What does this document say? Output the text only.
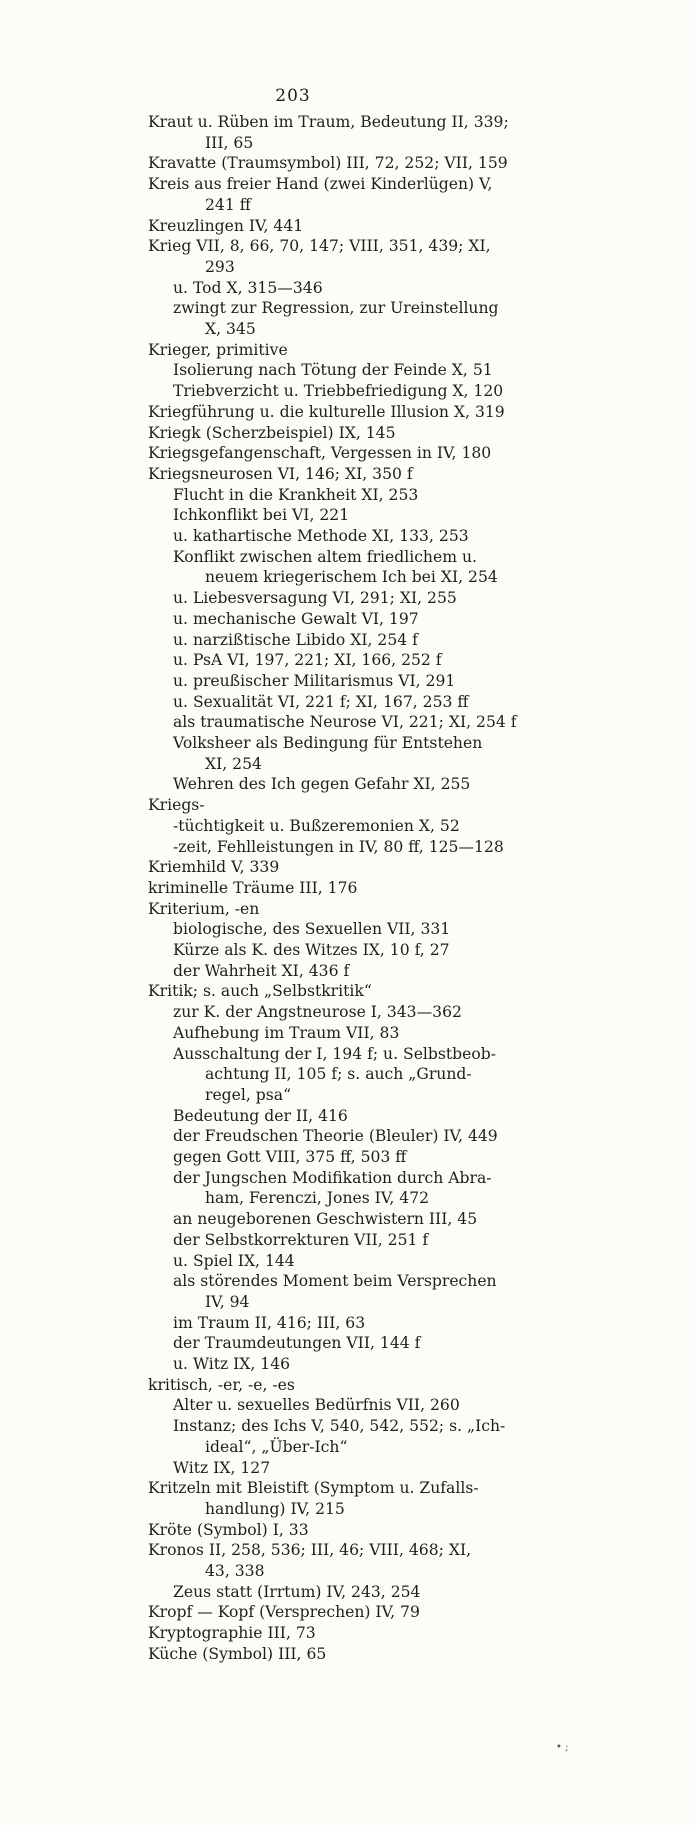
203
Kraut u. Rüben im Traum, Bedeutung II, 339;
III, 65
Kravatte (Traumsymbol) III, 72, 252; VII, 159
Kreis aus freier Hand (zwei Kinderlügen) V,
241 ff
Kreuzlingen IV, 441
Krieg VII, 8, 66, 70, 147; VIII, 351, 439; XI,
293
u. Tod X, 315—346
zwingt zur Regression, zur Ureinstellung
X, 345
Krieger, primitive
Isolierung nach Tötung der Feinde X, 51
Triebverzicht u. Triebbefriedigung X, 120
Kriegführung u. die kulturelle Illusion X, 319
Kriegk (Scherzbeispiel) IX, 145
Kriegsgefangenschaft, Vergessen in IV, 180
Kriegsneurosen VI, 146; XI, 350 f
Flucht in die Krankheit XI, 253
Ichkonflikt bei VI, 221
u. kathartische Methode XI, 133, 253
Konflikt zwischen altem friedlichem u.
neuem kriegerischem Ich bei XI, 254
u. Liebesversagung VI, 291; XI, 255
u. mechanische Gewalt VI, 197
u. narzißtische Libido XI, 254 f
u. PsA VI, 197, 221; XI, 166, 252 f
u. preußischer Militarismus VI, 291
u. Sexualität VI, 221 f; XI, 167, 253 ff
als traumatische Neurose VI, 221; XI, 254 f
Volksheer als Bedingung für Entstehen
XI, 254
Wehren des Ich gegen Gefahr XI, 255
Kriegs-
-tüchtigkeit u. Bußzeremonien X, 52
-zeit, Fehlleistungen in IV, 80 ff, 125—128
Kriemhild V, 339
kriminelle Träume III, 176
Kriterium, -en
biologische, des Sexuellen VII, 331
Kürze als K. des Witzes IX, 10 f, 27
der Wahrheit XI, 436 f
Kritik; s. auch „Selbstkritik“
zur K. der Angstneurose I, 343—362
Aufhebung im Traum VII, 83
Ausschaltung der I, 194 f; u. Selbstbeob-
achtung II, 105 f; s. auch „Grund-
regel, psa“
Bedeutung der II, 416
der Freudschen Theorie (Bleuler) IV, 449
gegen Gott VIII, 375 ff, 503 ff
der Jungschen Modifikation durch Abra-
ham, Ferenczi, Jones IV, 472
an neugeborenen Geschwistern III, 45
der Selbstkorrekturen VII, 251 f
u. Spiel IX, 144
als störendes Moment beim Versprechen
IV, 94
im Traum II, 416; III, 63
der Traumdeutungen VII, 144 f
u. Witz IX, 146
kritisch, -er, -e, -es
Alter u. sexuelles Bedürfnis VII, 260
Instanz; des Ichs V, 540, 542, 552; s. „Ich-
ideal“, „Über-Ich“
Witz IX, 127
Kritzeln mit Bleistift (Symptom u. Zufalls-
handlung) IV, 215
Kröte (Symbol) I, 33
Kronos II, 258, 536; III, 46; VIII, 468; XI,
43, 338
Zeus statt (Irrtum) IV, 243, 254
Kropf — Kopf (Versprechen) IV, 79
Kryptographie III, 73
Küche (Symbol) III, 65
• ;
